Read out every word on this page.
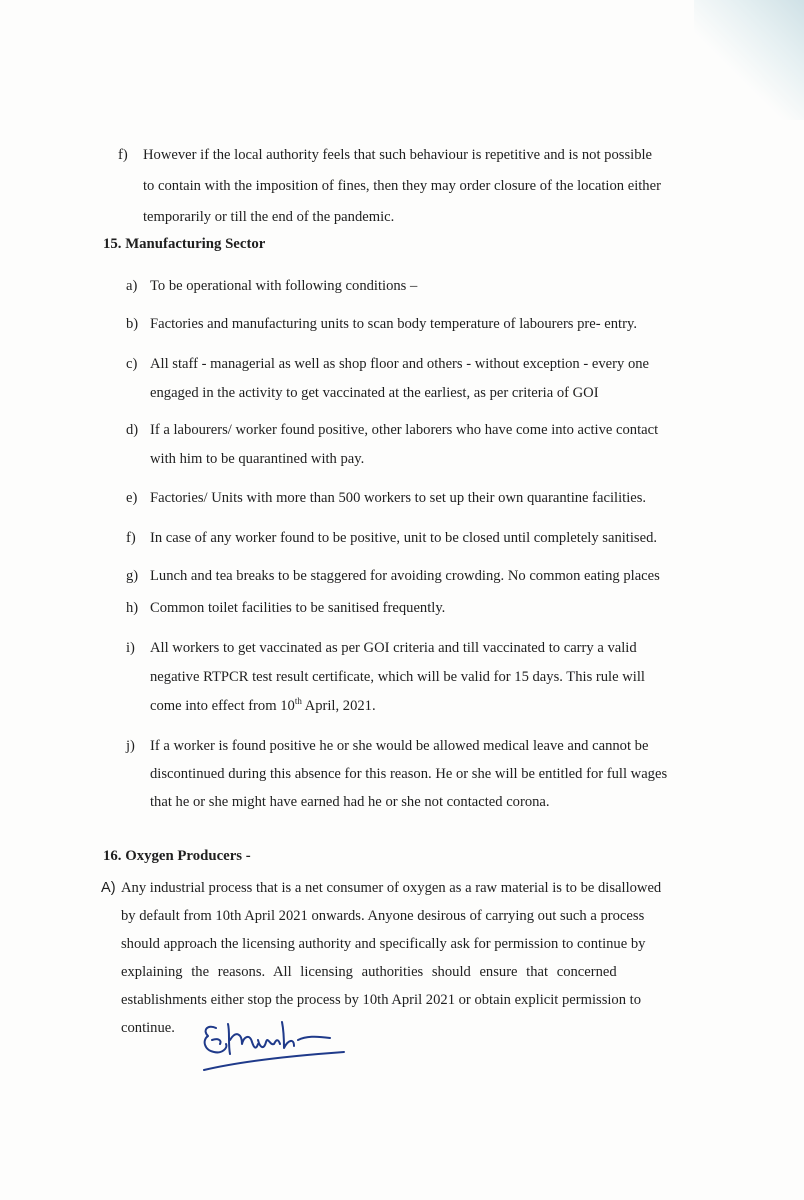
f) However if the local authority feels that such behaviour is repetitive and is not possible
to contain with the imposition of fines, then they may order closure of the location either
temporarily or till the end of the pandemic.
15. Manufacturing Sector
a) To be operational with following conditions –
b) Factories and manufacturing units to scan body temperature of labourers pre- entry.
c) All staff - managerial as well as shop floor and others - without exception - every one
engaged in the activity to get vaccinated at the earliest, as per criteria of GOI
d) If a labourers/ worker found positive, other laborers who have come into active contact
with him to be quarantined with pay.
e) Factories/ Units with more than 500 workers to set up their own quarantine facilities.
f) In case of any worker found to be positive, unit to be closed until completely sanitised.
g) Lunch and tea breaks to be staggered for avoiding crowding. No common eating places
h) Common toilet facilities to be sanitised frequently.
i) All workers to get vaccinated as per GOI criteria and till vaccinated to carry a valid
negative RTPCR test result certificate, which will be valid for 15 days. This rule will
come into effect from 10th April, 2021.
j) If a worker is found positive he or she would be allowed medical leave and cannot be
discontinued during this absence for this reason. He or she will be entitled for full wages
that he or she might have earned had he or she not contacted corona.
16. Oxygen Producers -
A) Any industrial process that is a net consumer of oxygen as a raw material is to be disallowed
by default from 10th April 2021 onwards. Anyone desirous of carrying out such a process
should approach the licensing authority and specifically ask for permission to continue by
explaining the reasons. All licensing authorities should ensure that concerned
establishments either stop the process by 10th April 2021 or obtain explicit permission to
continue.
